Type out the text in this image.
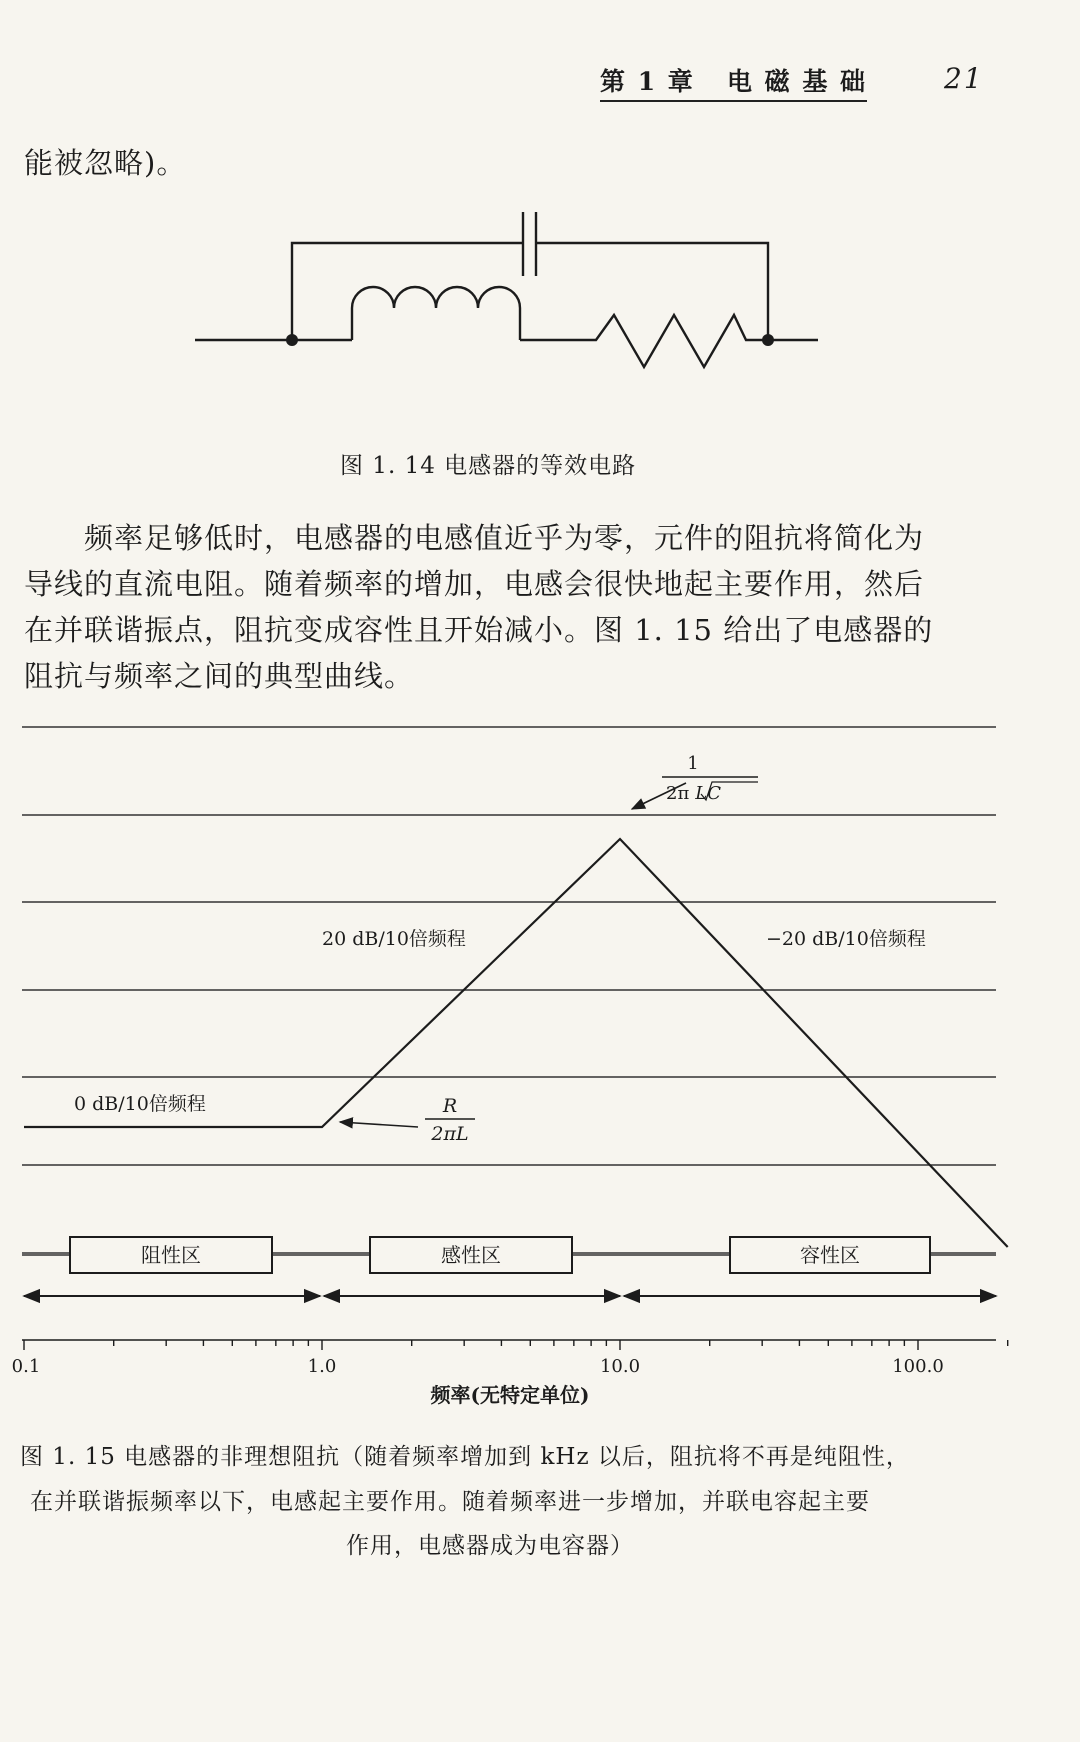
第 1 章 电 磁 基 础	21
能被忽略)。
图 1. 14 电感器的等效电路
频率足够低时，电感器的电感值近乎为零，元件的阻抗将简化为
导线的直流电阻。随着频率的增加，电感会很快地起主要作用，然后
在并联谐振点，阻抗变成容性且开始减小。图 1. 15 给出了电感器的
阻抗与频率之间的典型曲线。
0 dB/10倍频程
20 dB/10倍频程	−20 dB/10倍频程
1
2π LC
R
2πL
阻性区	感性区	容性区
0.1	1.0	10.0	100.0
频率(无特定单位)
图 1. 15 电感器的非理想阻抗（随着频率增加到 kHz 以后，阻抗将不再是纯阻性，
在并联谐振频率以下，电感起主要作用。随着频率进一步增加，并联电容起主要
作用，电感器成为电容器）
